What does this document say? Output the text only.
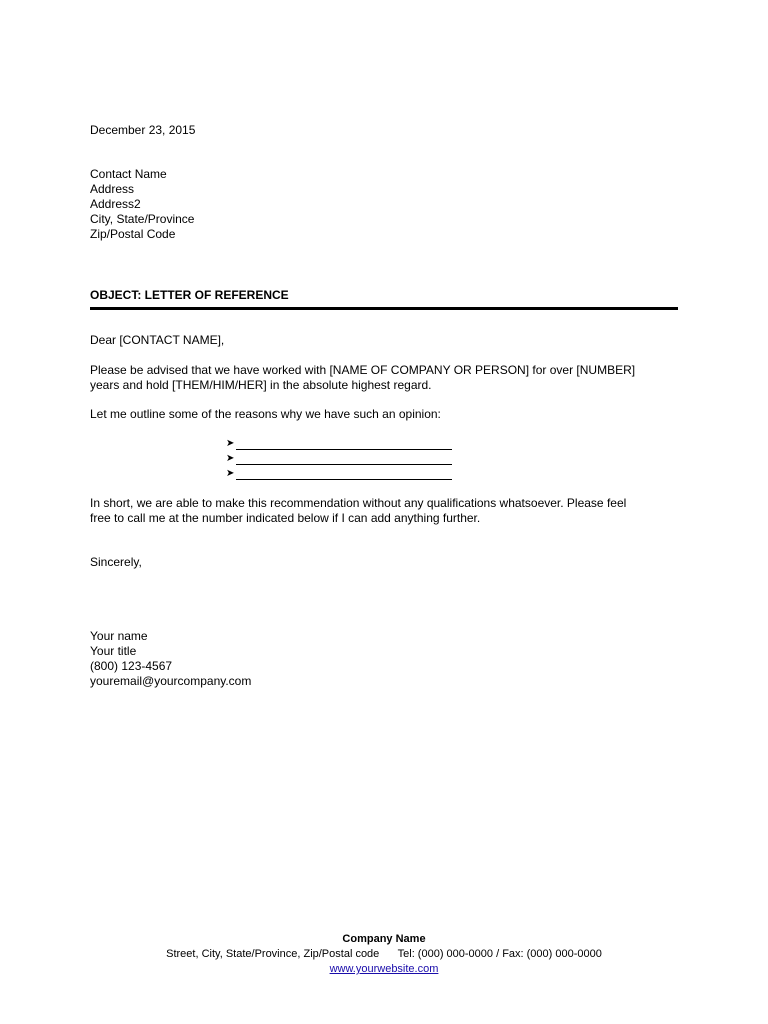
December 23, 2015
Contact Name
Address
Address2
City, State/Province
Zip/Postal Code
OBJECT: LETTER OF REFERENCE
Dear [CONTACT NAME],
Please be advised that we have worked with [NAME OF COMPANY OR PERSON] for over [NUMBER]
years and hold [THEM/HIM/HER] in the absolute highest regard.
Let me outline some of the reasons why we have such an opinion:
➤
➤
➤
In short, we are able to make this recommendation without any qualifications whatsoever. Please feel
free to call me at the number indicated below if I can add anything further.
Sincerely,
Your name
Your title
(800) 123-4567
youremail@yourcompany.com
Company Name
Street, City, State/Province, Zip/Postal code      Tel: (000) 000-0000 / Fax: (000) 000-0000
www.yourwebsite.com
